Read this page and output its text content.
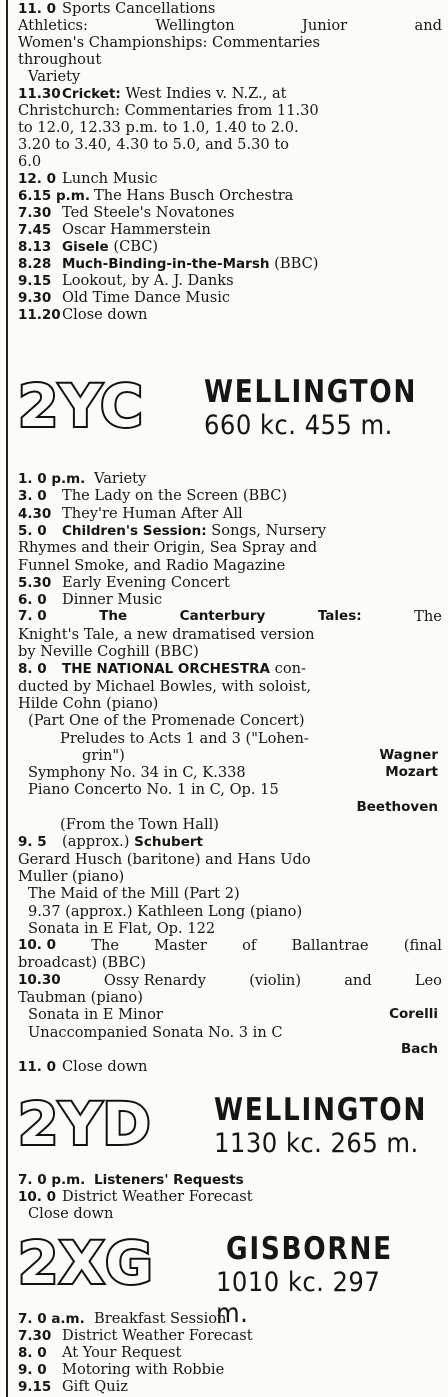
11. 0 Sports Cancellations
Athletics:	Wellington	Junior	and
Women's Championships: Commentaries
throughout
Variety
11.30Cricket: West Indies v. N.Z., at
Christchurch: Commentaries from 11.30
to 12.0, 12.33 p.m. to 1.0, 1.40 to 2.0.
3.20 to 3.40, 4.30 to 5.0, and 5.30 to
6.0
12. 0 Lunch Music
6.15 p.m. The Hans Busch Orchestra
7.30 Ted Steele's Novatones
7.45 Oscar Hammerstein
8.13 Gisele (CBC)
8.28 Much-Binding-in-the-Marsh (BBC)
9.15 Lookout, by A. J. Danks
9.30 Old Time Dance Music
11.20Close down
2YC WELLINGTON
660 kc. 455 m.
1. 0 p.m. Variety
3. 0 The Lady on the Screen (BBC)
4.30 They're Human After All
5. 0 Children's Session: Songs, Nursery
Rhymes and their Origin, Sea Spray and
Funnel Smoke, and Radio Magazine
5.30 Early Evening Concert
6. 0 Dinner Music
7. 0	The	Canterbury	Tales:	The
Knight's Tale, a new dramatised version
by Neville Coghill (BBC)
8. 0 THE NATIONAL ORCHESTRA con-
ducted by Michael Bowles, with soloist,
Hilde Cohn (piano)
(Part One of the Promenade Concert)
Preludes to Acts 1 and 3 ("Lohen-
grin")	Wagner
Symphony No. 34 in C, K.338	Mozart
Piano Concerto No. 1 in C, Op. 15
Beethoven
(From the Town Hall)
9. 5 (approx.) Schubert
Gerard Husch (baritone) and Hans Udo
Muller (piano)
The Maid of the Mill (Part 2)
9.37 (approx.) Kathleen Long (piano)
Sonata in E Flat, Op. 122
10. 0 The Master of Ballantrae (final
broadcast) (BBC)
10.30	Ossy Renardy	(violin)	and	Leo
Taubman (piano)
Sonata in E Minor	Corelli
Unaccompanied Sonata No. 3 in C
Bach
11. 0 Close down
2YD WELLINGTON
1130 kc. 265 m.
7. 0 p.m. Listeners' Requests
10. 0 District Weather Forecast
Close down
2XG GISBORNE
1010 kc. 297 m.
7. 0 a.m. Breakfast Session
7.30 District Weather Forecast
8. 0 At Your Request
9. 0 Motoring with Robbie
9.15 Gift Quiz
